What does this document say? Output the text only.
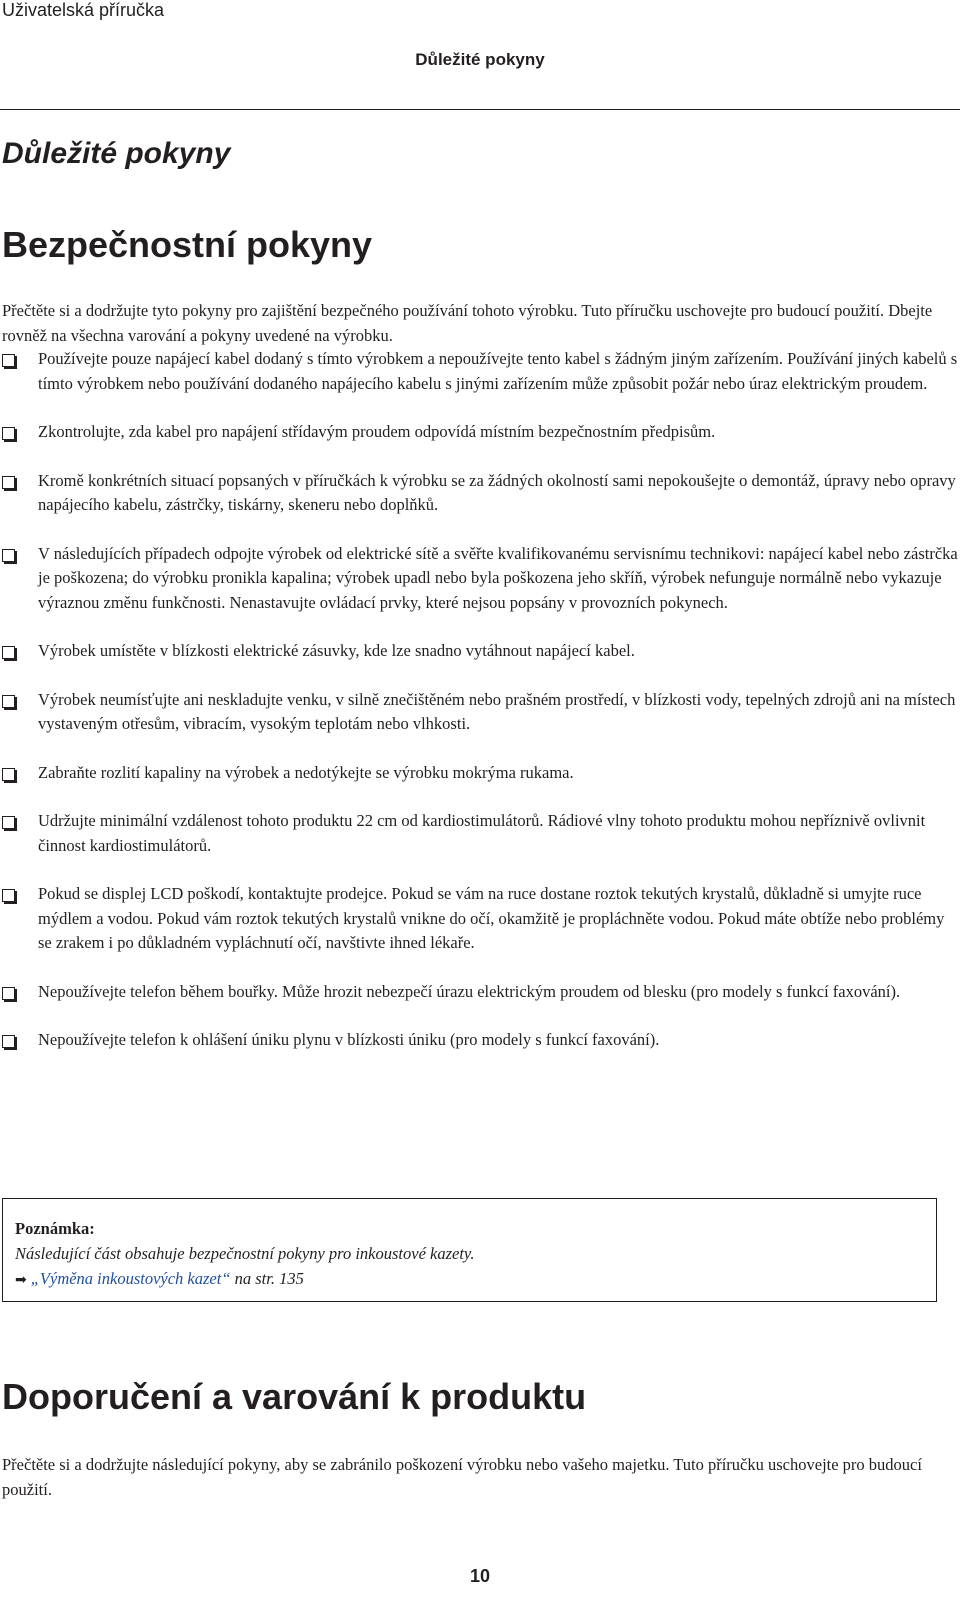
Uživatelská příručka
Důležité pokyny
Důležité pokyny
Bezpečnostní pokyny
Přečtěte si a dodržujte tyto pokyny pro zajištění bezpečného používání tohoto výrobku. Tuto příručku uschovejte pro budoucí použití. Dbejte rovněž na všechna varování a pokyny uvedené na výrobku.
Používejte pouze napájecí kabel dodaný s tímto výrobkem a nepoužívejte tento kabel s žádným jiným zařízením. Používání jiných kabelů s tímto výrobkem nebo používání dodaného napájecího kabelu s jinými zařízením může způsobit požár nebo úraz elektrickým proudem.
Zkontrolujte, zda kabel pro napájení střídavým proudem odpovídá místním bezpečnostním předpisům.
Kromě konkrétních situací popsaných v příručkách k výrobku se za žádných okolností sami nepokoušejte o demontáž, úpravy nebo opravy napájecího kabelu, zástrčky, tiskárny, skeneru nebo doplňků.
V následujících případech odpojte výrobek od elektrické sítě a svěřte kvalifikovanému servisnímu technikovi: napájecí kabel nebo zástrčka je poškozena; do výrobku pronikla kapalina; výrobek upadl nebo byla poškozena jeho skříň, výrobek nefunguje normálně nebo vykazuje výraznou změnu funkčnosti. Nenastavujte ovládací prvky, které nejsou popsány v provozních pokynech.
Výrobek umístěte v blízkosti elektrické zásuvky, kde lze snadno vytáhnout napájecí kabel.
Výrobek neumísťujte ani neskladujte venku, v silně znečištěném nebo prašném prostředí, v blízkosti vody, tepelných zdrojů ani na místech vystaveným otřesům, vibracím, vysokým teplotám nebo vlhkosti.
Zabraňte rozlití kapaliny na výrobek a nedotýkejte se výrobku mokrýma rukama.
Udržujte minimální vzdálenost tohoto produktu 22 cm od kardiostimulátorů. Rádiové vlny tohoto produktu mohou nepříznivě ovlivnit činnost kardiostimulátorů.
Pokud se displej LCD poškodí, kontaktujte prodejce. Pokud se vám na ruce dostane roztok tekutých krystalů, důkladně si umyjte ruce mýdlem a vodou. Pokud vám roztok tekutých krystalů vnikne do očí, okamžitě je propláchněte vodou. Pokud máte obtíže nebo problémy se zrakem i po důkladném vypláchnutí očí, navštivte ihned lékaře.
Nepoužívejte telefon během bouřky. Může hrozit nebezpečí úrazu elektrickým proudem od blesku (pro modely s funkcí faxování).
Nepoužívejte telefon k ohlášení úniku plynu v blízkosti úniku (pro modely s funkcí faxování).
Poznámka:
Následující část obsahuje bezpečnostní pokyny pro inkoustové kazety.
➡ „Výměna inkoustových kazet“ na str. 135
Doporučení a varování k produktu
Přečtěte si a dodržujte následující pokyny, aby se zabránilo poškození výrobku nebo vašeho majetku. Tuto příručku uschovejte pro budoucí použití.
10
